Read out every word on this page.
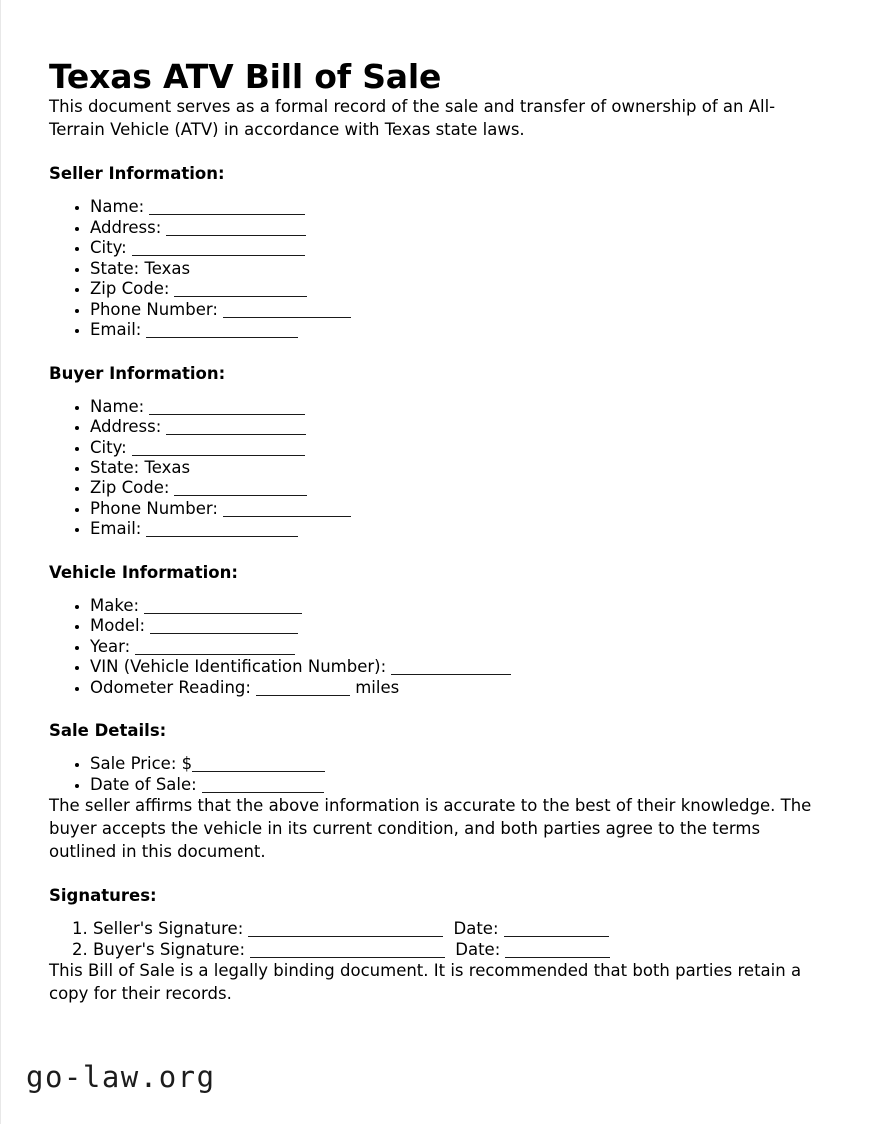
Texas ATV Bill of Sale

This document serves as a formal record of the sale and transfer of ownership of an All-Terrain Vehicle (ATV) in accordance with Texas state laws.

Seller Information:
• Name:
• Address:
• City:
• State: Texas
• Zip Code:
• Phone Number:
• Email:
Buyer Information:
• Name:
• Address:
• City:
• State: Texas
• Zip Code:
• Phone Number:
• Email:
Vehicle Information:
• Make:
• Model:
• Year:
• VIN (Vehicle Identification Number):
• Odometer Reading:	miles
Sale Details:
• Sale Price: $
• Date of Sale:

The seller affirms that the above information is accurate to the best of their knowledge. The buyer accepts the vehicle in its current condition, and both parties agree to the terms outlined in this document.

Signatures:
1. Seller's Signature:	Date:
2. Buyer's Signature:	Date:

This Bill of Sale is a legally binding document. It is recommended that both parties retain a copy for their records.

go-law.org
